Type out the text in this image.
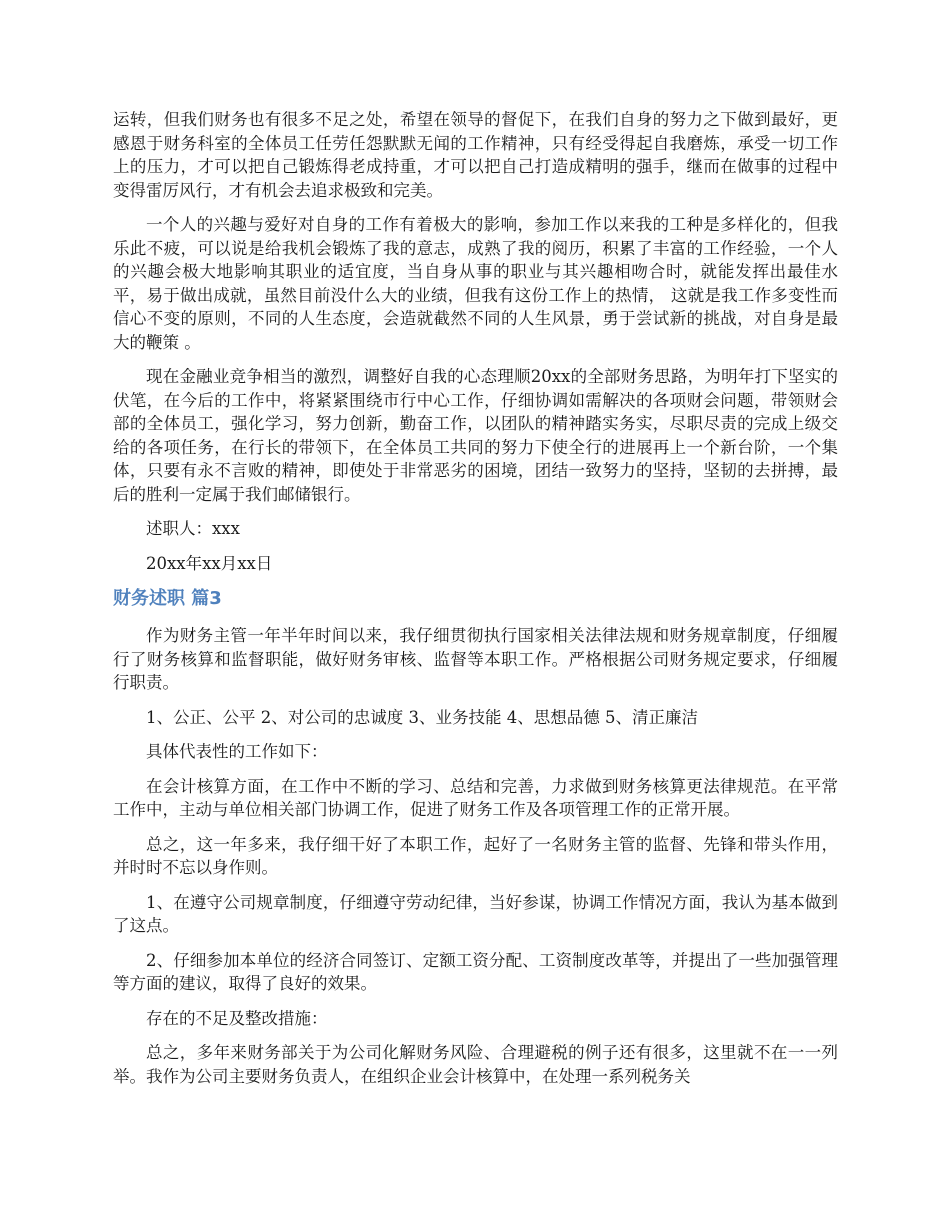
运转，但我们财务也有很多不足之处，希望在领导的督促下，在我们自身的努力之下做到最好，更感恩于财务科室的全体员工任劳任怨默默无闻的工作精神，只有经受得起自我磨炼，承受一切工作上的压力，才可以把自己锻炼得老成持重，才可以把自己打造成精明的强手，继而在做事的过程中变得雷厉风行，才有机会去追求极致和完美。

一个人的兴趣与爱好对自身的工作有着极大的影响，参加工作以来我的工种是多样化的，但我乐此不疲，可以说是给我机会锻炼了我的意志，成熟了我的阅历，积累了丰富的工作经验，一个人的兴趣会极大地影响其职业的适宜度，当自身从事的职业与其兴趣相吻合时，就能发挥出最佳水平，易于做出成就，虽然目前没什么大的业绩，但我有这份工作上的热情， 这就是我工作多变性而信心不变的原则，不同的人生态度，会造就截然不同的人生风景，勇于尝试新的挑战，对自身是最大的鞭策 。

现在金融业竞争相当的激烈，调整好自我的心态理顺20xx的全部财务思路，为明年打下坚实的伏笔，在今后的工作中，将紧紧围绕市行中心工作，仔细协调如需解决的各项财会问题，带领财会部的全体员工，强化学习，努力创新，勤奋工作，以团队的精神踏实务实，尽职尽责的完成上级交给的各项任务，在行长的带领下，在全体员工共同的努力下使全行的进展再上一个新台阶，一个集体，只要有永不言败的精神，即使处于非常恶劣的困境，团结一致努力的坚持，坚韧的去拼搏，最后的胜利一定属于我们邮储银行。

述职人：xxx

20xx年xx月xx日

财务述职 篇3

作为财务主管一年半年时间以来，我仔细贯彻执行国家相关法律法规和财务规章制度，仔细履行了财务核算和监督职能，做好财务审核、监督等本职工作。严格根据公司财务规定要求，仔细履行职责。

1、公正、公平 2、对公司的忠诚度 3、业务技能 4、思想品德 5、清正廉洁

具体代表性的工作如下：

在会计核算方面，在工作中不断的学习、总结和完善，力求做到财务核算更法律规范。在平常工作中，主动与单位相关部门协调工作，促进了财务工作及各项管理工作的正常开展。

总之，这一年多来，我仔细干好了本职工作，起好了一名财务主管的监督、先锋和带头作用，并时时不忘以身作则。

1、在遵守公司规章制度，仔细遵守劳动纪律，当好参谋，协调工作情况方面，我认为基本做到了这点。

2、仔细参加本单位的经济合同签订、定额工资分配、工资制度改革等，并提出了一些加强管理等方面的建议，取得了良好的效果。

存在的不足及整改措施：

总之，多年来财务部关于为公司化解财务风险、合理避税的例子还有很多，这里就不在一一列举。我作为公司主要财务负责人，在组织企业会计核算中，在处理一系列税务关
